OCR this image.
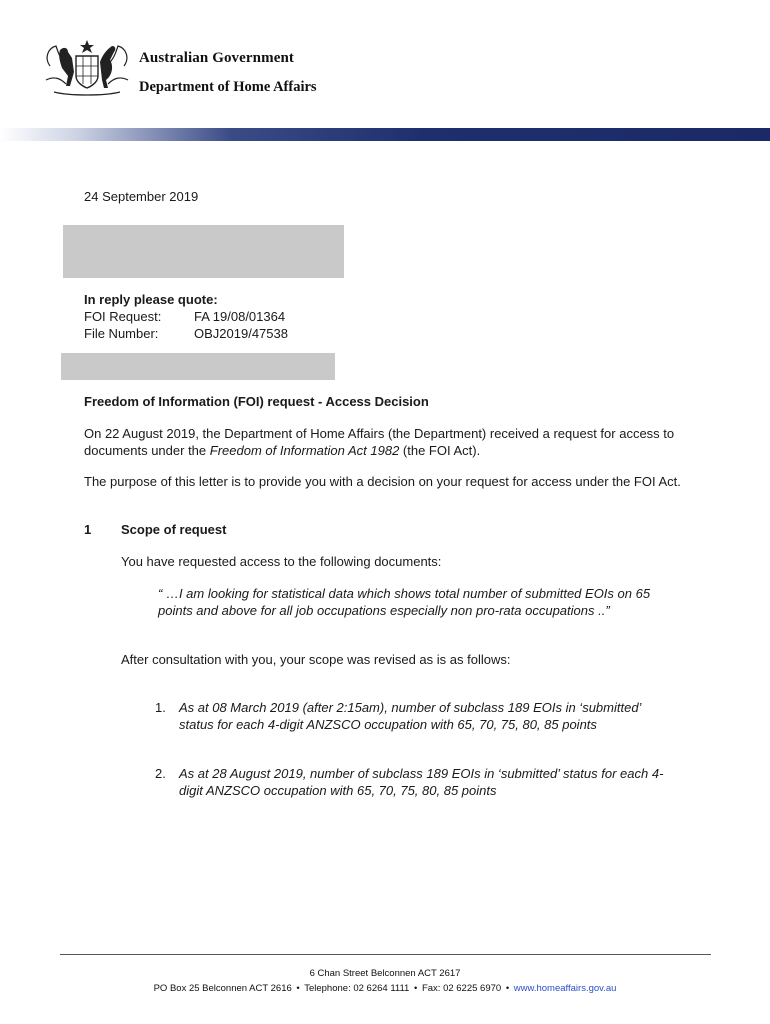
Australian Government
Department of Home Affairs
24 September 2019
In reply please quote:
FOI Request:	FA 19/08/01364
File Number:	OBJ2019/47538
Freedom of Information (FOI) request - Access Decision
On 22 August 2019, the Department of Home Affairs (the Department) received a request for access to documents under the Freedom of Information Act 1982 (the FOI Act).
The purpose of this letter is to provide you with a decision on your request for access under the FOI Act.
1 Scope of request
You have requested access to the following documents:
“ …I am looking for statistical data which shows total number of submitted EOIs on 65 points and above for all job occupations especially non pro-rata occupations ..”
After consultation with you, your scope was revised as is as follows:
1. As at 08 March 2019 (after 2:15am), number of subclass 189 EOIs in ‘submitted’ status for each 4-digit ANZSCO occupation with 65, 70, 75, 80, 85 points
2. As at 28 August 2019, number of subclass 189 EOIs in ‘submitted’ status for each 4-digit ANZSCO occupation with 65, 70, 75, 80, 85 points
6 Chan Street Belconnen ACT 2617
PO Box 25 Belconnen ACT 2616 • Telephone: 02 6264 1111 • Fax: 02 6225 6970 • www.homeaffairs.gov.au
